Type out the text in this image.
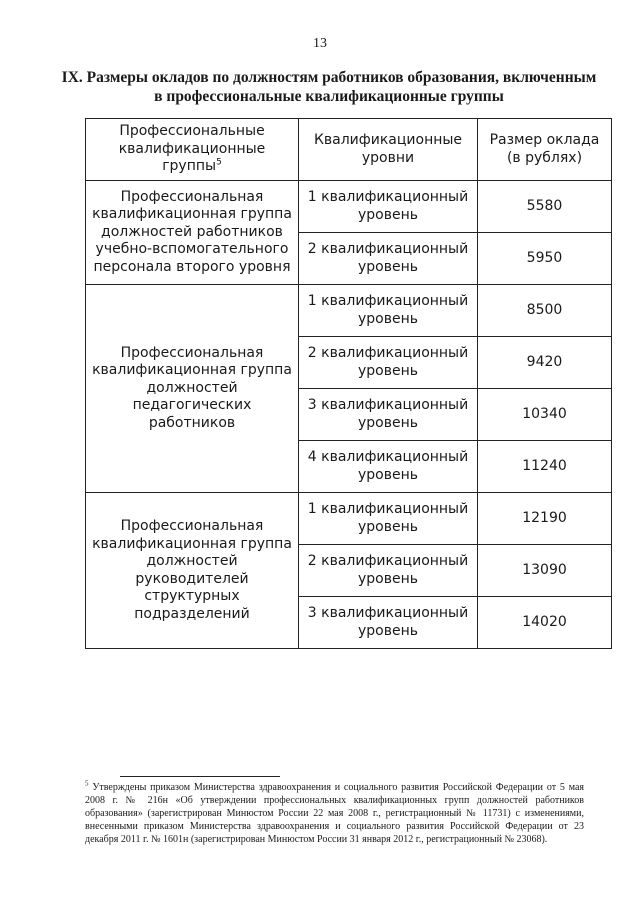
13
IX. Размеры окладов по должностям работников образования, включенным в профессиональные квалификационные группы
Профессиональные квалификационные группы$^5$	Квалификационные уровни	Размер оклада (в рублях)
Профессиональная квалификационная группа должностей работников учебно-вспомогательного персонала второго уровня	1 квалификационный уровень	5580
	2 квалификационный уровень	5950
Профессиональная квалификационная группа должностей педагогических работников	1 квалификационный уровень	8500
	2 квалификационный уровень	9420
	3 квалификационный уровень	10340
	4 квалификационный уровень	11240
Профессиональная квалификационная группа должностей руководителей структурных подразделений	1 квалификационный уровень	12190
	2 квалификационный уровень	13090
	3 квалификационный уровень	14020
$^5$ Утверждены приказом Министерства здравоохранения и социального развития Российской Федерации от 5 мая 2008 г. № 216н «Об утверждении профессиональных квалификационных групп должностей работников образования» (зарегистрирован Минюстом России 22 мая 2008 г., регистрационный № 11731) с изменениями, внесенными приказом Министерства здравоохранения и социального развития Российской Федерации от 23 декабря 2011 г. № 1601н (зарегистрирован Минюстом России 31 января 2012 г., регистрационный № 23068).
